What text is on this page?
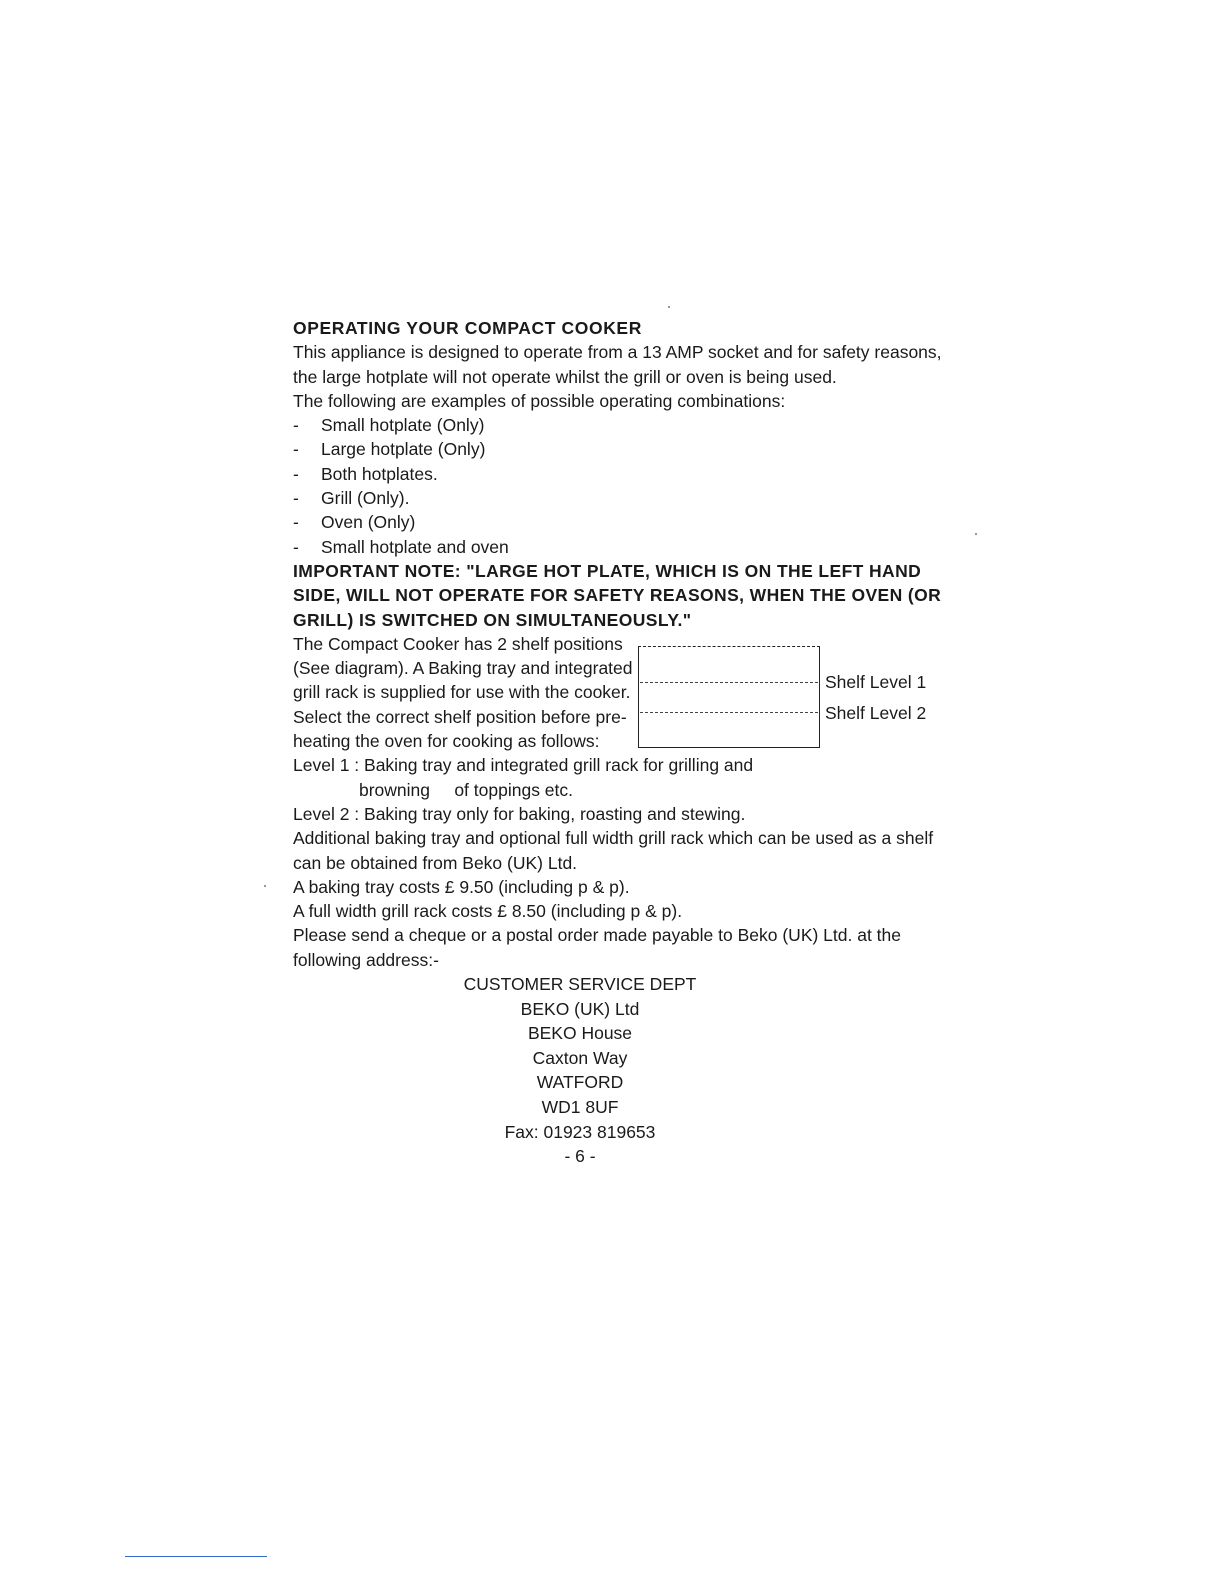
OPERATING YOUR COMPACT COOKER

This appliance is designed to operate from a 13 AMP socket and for safety reasons, the large hotplate will not operate whilst the grill or oven is being used.

The following are examples of possible operating combinations:

- Small hotplate (Only)
- Large hotplate (Only)
- Both hotplates.
- Grill (Only).
- Oven (Only)
- Small hotplate and oven

IMPORTANT NOTE: "LARGE HOT PLATE, WHICH IS ON THE LEFT HAND SIDE, WILL NOT OPERATE FOR SAFETY REASONS, WHEN THE OVEN (OR GRILL) IS SWITCHED ON SIMULTANEOUSLY."

The Compact Cooker has 2 shelf positions (See diagram). A Baking tray and integrated grill rack is supplied for use with the cooker.

Shelf Level 1
Shelf Level 2

Select the correct shelf position before pre-heating the oven for cooking as follows:

Level 1 : Baking tray and integrated grill rack for grilling and

browning     of toppings etc.

Level 2 : Baking tray only for baking, roasting and stewing.

Additional baking tray and optional full width grill rack which can be used as a shelf can be obtained from Beko (UK) Ltd.

A baking tray costs £ 9.50 (including p & p).

A full width grill rack costs £ 8.50 (including p & p).

Please send a cheque or a postal order made payable to Beko (UK) Ltd. at the following address:-

CUSTOMER SERVICE DEPT
BEKO (UK) Ltd
BEKO House
Caxton Way
WATFORD
WD1 8UF
Fax: 01923 819653
- 6 -
